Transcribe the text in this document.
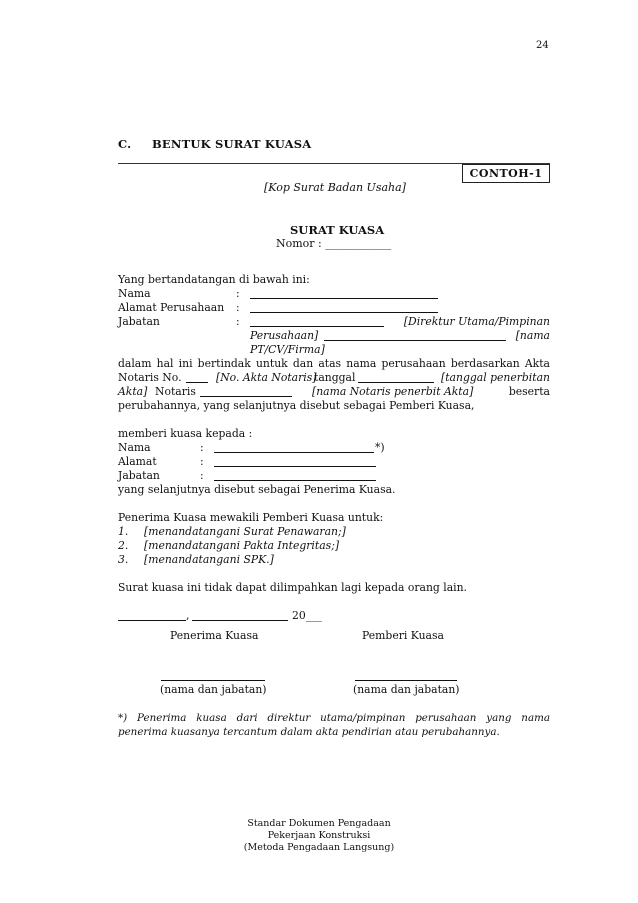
24
C. BENTUK SURAT KUASA
CONTOH-1
[Kop Surat Badan Usaha]
SURAT KUASA
Nomor : ____________
Yang bertandatangan di bawah ini:
Nama	:
Alamat Perusahaan :
Jabatan	:	[Direktur Utama/Pimpinan
Perusahaan]	[nama
PT/CV/Firma]
dalam hal ini bertindak untuk dan atas nama perusahaan berdasarkan Akta
Notaris No.	[No. Akta Notaris]
tanggal	[tanggal penerbitan
Akta] Notaris	[nama Notaris penerbit Akta]	beserta
perubahannya, yang selanjutnya disebut sebagai Pemberi Kuasa,
memberi kuasa kepada :
Nama	:	*)
Alamat	:
Jabatan	:
yang selanjutnya disebut sebagai Penerima Kuasa.
Penerima Kuasa mewakili Pemberi Kuasa untuk:
1. [menandatangani Surat Penawaran;]
2. [menandatangani Pakta Integritas;]
3. [menandatangani SPK.]
Surat kuasa ini tidak dapat dilimpahkan lagi kepada orang lain.
,	20___
Penerima Kuasa	Pemberi Kuasa
(nama dan jabatan)	(nama dan jabatan)
*) Penerima kuasa dari direktur utama/pimpinan perusahaan yang nama penerima kuasanya tercantum dalam akta pendirian atau perubahannya.
Standar Dokumen Pengadaan
Pekerjaan Konstruksi
(Metoda Pengadaan Langsung)
